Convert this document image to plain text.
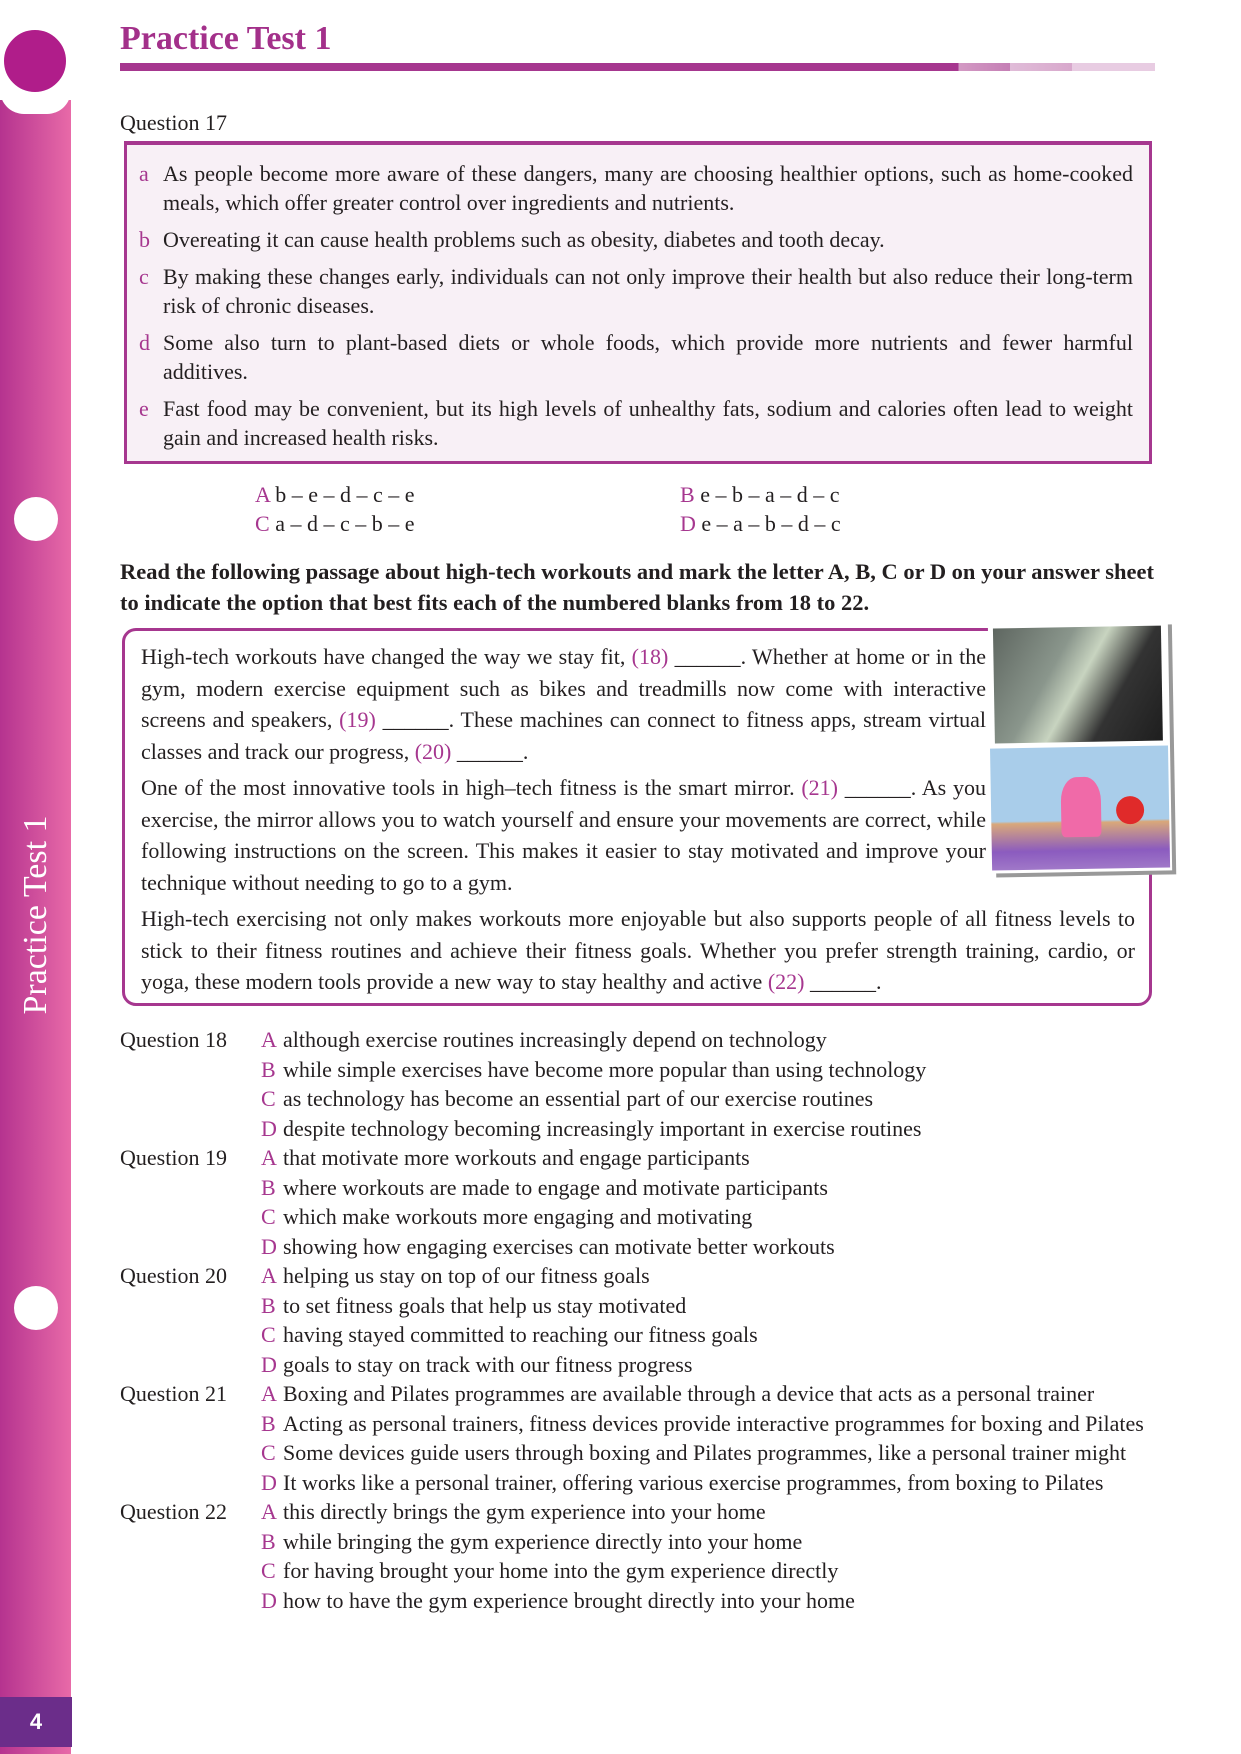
Practice Test 1
4
Practice Test 1
Question 17
a As people become more aware of these dangers, many are choosing healthier options, such as home-cooked meals, which offer greater control over ingredients and nutrients.
b Overeating it can cause health problems such as obesity, diabetes and tooth decay.
c By making these changes early, individuals can not only improve their health but also reduce their long-term risk of chronic diseases.
d Some also turn to plant-based diets or whole foods, which provide more nutrients and fewer harmful additives.
e Fast food may be convenient, but its high levels of unhealthy fats, sodium and calories often lead to weight gain and increased health risks.
A b – e – d – c – e	B e – b – a – d – c
C a – d – c – b – e	D e – a – b – d – c
Read the following passage about high-tech workouts and mark the letter A, B, C or D on your answer sheet to indicate the option that best fits each of the numbered blanks from 18 to 22.

High-tech workouts have changed the way we stay fit, (18) ______. Whether at home or in the gym, modern exercise equipment such as bikes and treadmills now come with interactive screens and speakers, (19) ______. These machines can connect to fitness apps, stream virtual classes and track our progress, (20) ______.

One of the most innovative tools in high–tech fitness is the smart mirror. (21) ______. As you exercise, the mirror allows you to watch yourself and ensure your movements are correct, while following instructions on the screen. This makes it easier to stay motivated and improve your technique without needing to go to a gym.

High-tech exercising not only makes workouts more enjoyable but also supports people of all fitness levels to stick to their fitness routines and achieve their fitness goals. Whether you prefer strength training, cardio, or yoga, these modern tools provide a new way to stay healthy and active (22) ______.

Question 18	A although exercise routines increasingly depend on technology
B while simple exercises have become more popular than using technology
C as technology has become an essential part of our exercise routines
D despite technology becoming increasingly important in exercise routines
Question 19	A that motivate more workouts and engage participants
B where workouts are made to engage and motivate participants
C which make workouts more engaging and motivating
D showing how engaging exercises can motivate better workouts
Question 20	A helping us stay on top of our fitness goals
B to set fitness goals that help us stay motivated
C having stayed committed to reaching our fitness goals
D goals to stay on track with our fitness progress
Question 21	A Boxing and Pilates programmes are available through a device that acts as a personal trainer
B Acting as personal trainers, fitness devices provide interactive programmes for boxing and Pilates
C Some devices guide users through boxing and Pilates programmes, like a personal trainer might
D It works like a personal trainer, offering various exercise programmes, from boxing to Pilates
Question 22	A this directly brings the gym experience into your home
B while bringing the gym experience directly into your home
C for having brought your home into the gym experience directly
D how to have the gym experience brought directly into your home
